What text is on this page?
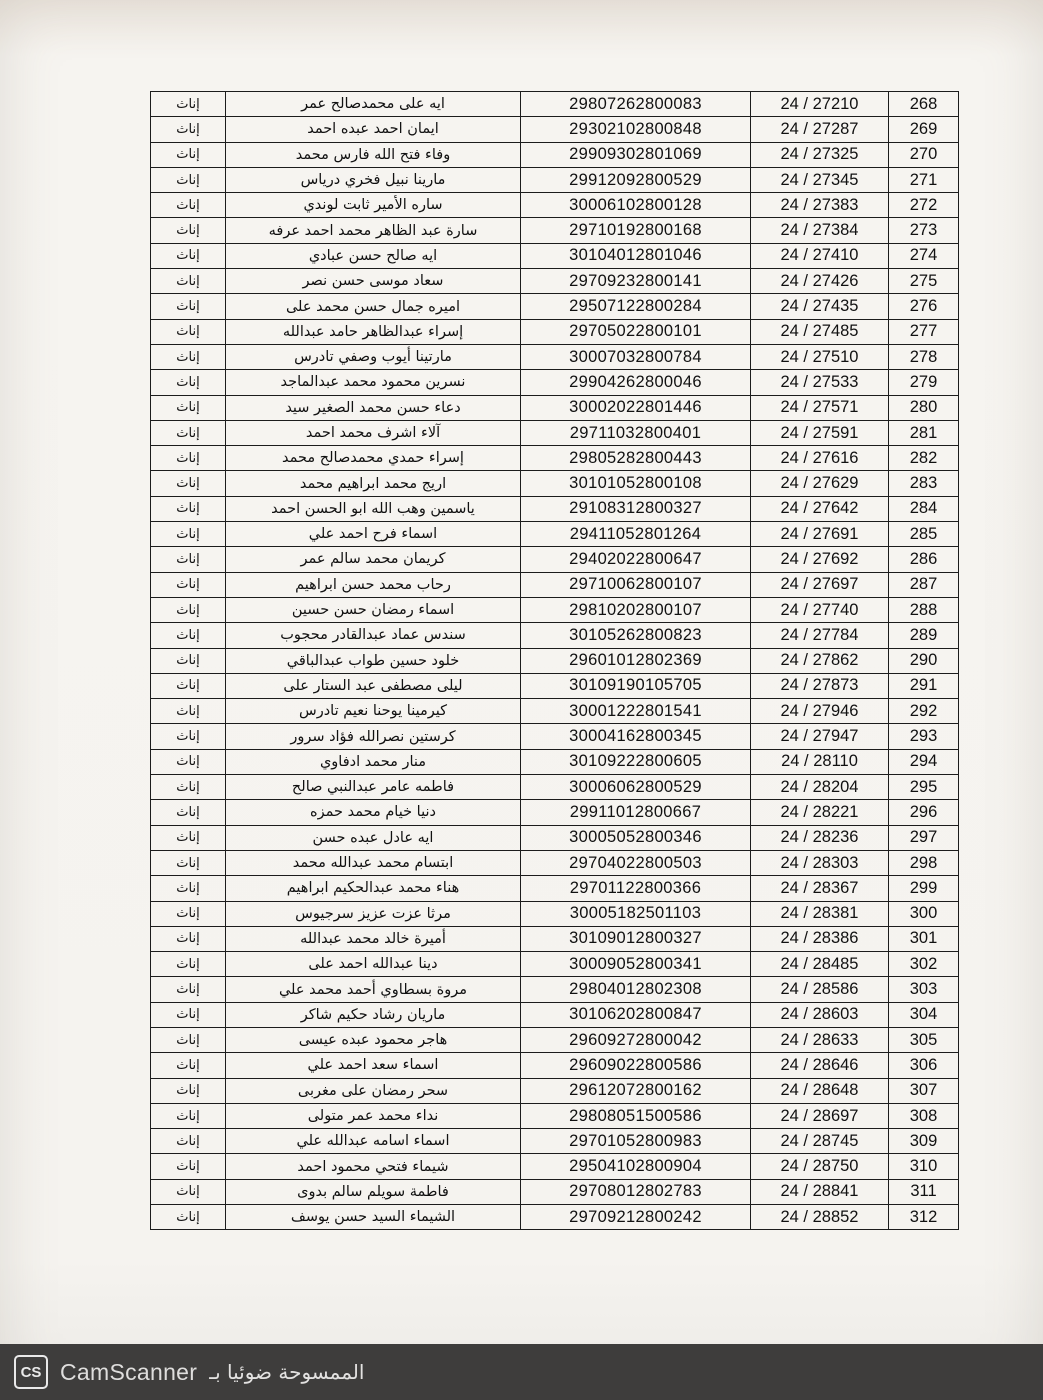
إناث	ايه على محمدصالح عمر	29807262800083	24 / 27210	268
إناث	ايمان احمد عبده احمد	29302102800848	24 / 27287	269
إناث	وفاء فتح الله فارس محمد	29909302801069	24 / 27325	270
إناث	مارينا نبيل فخري درياس	29912092800529	24 / 27345	271
إناث	ساره الأمير ثابت لوندي	30006102800128	24 / 27383	272
إناث	سارة عبد الظاهر محمد احمد عرفه	29710192800168	24 / 27384	273
إناث	ايه صالح حسن عبادي	30104012801046	24 / 27410	274
إناث	سعاد موسى حسن نصر	29709232800141	24 / 27426	275
إناث	اميره جمال حسن محمد على	29507122800284	24 / 27435	276
إناث	إسراء عبدالظاهر حامد عبدالله	29705022800101	24 / 27485	277
إناث	مارتينا أيوب وصفي تادرس	30007032800784	24 / 27510	278
إناث	نسرين محمود محمد عبدالماجد	29904262800046	24 / 27533	279
إناث	دعاء حسن محمد الصغير سيد	30002022801446	24 / 27571	280
إناث	آلاء اشرف محمد احمد	29711032800401	24 / 27591	281
إناث	إسراء حمدي محمدصالح محمد	29805282800443	24 / 27616	282
إناث	اريج محمد ابراهيم محمد	30101052800108	24 / 27629	283
إناث	ياسمين وهب الله ابو الحسن احمد	29108312800327	24 / 27642	284
إناث	اسماء فرح احمد علي	29411052801264	24 / 27691	285
إناث	كريمان محمد سالم عمر	29402022800647	24 / 27692	286
إناث	رحاب محمد حسن ابراهيم	29710062800107	24 / 27697	287
إناث	اسماء رمضان حسن حسين	29810202800107	24 / 27740	288
إناث	سندس عماد عبدالقادر محجوب	30105262800823	24 / 27784	289
إناث	خلود حسين طواب عبدالباقي	29601012802369	24 / 27862	290
إناث	ليلى مصطفى عبد الستار على	30109190105705	24 / 27873	291
إناث	كيرمينا يوحنا نعيم تادرس	30001222801541	24 / 27946	292
إناث	كرستين نصرالله فؤاد سرور	30004162800345	24 / 27947	293
إناث	منار محمد ادفاوي	30109222800605	24 / 28110	294
إناث	فاطمه عامر عبدالنبي صالح	30006062800529	24 / 28204	295
إناث	دنيا خيام محمد حمزه	29911012800667	24 / 28221	296
إناث	ايه عادل عبده حسن	30005052800346	24 / 28236	297
إناث	ابتسام محمد عبدالله محمد	29704022800503	24 / 28303	298
إناث	هناء محمد عبدالحكيم ابراهيم	29701122800366	24 / 28367	299
إناث	مرثا عزت عزيز سرجيوس	30005182501103	24 / 28381	300
إناث	أميرة خالد محمد عبدالله	30109012800327	24 / 28386	301
إناث	دينا عبدالله احمد على	30009052800341	24 / 28485	302
إناث	مروة بسطاوي أحمد محمد علي	29804012802308	24 / 28586	303
إناث	ماريان رشاد حكيم شاكر	30106202800847	24 / 28603	304
إناث	هاجر محمود عبده عيسى	29609272800042	24 / 28633	305
إناث	اسماء سعد احمد علي	29609022800586	24 / 28646	306
إناث	سحر رمضان على مغربى	29612072800162	24 / 28648	307
إناث	نداء محمد عمر متولى	29808051500586	24 / 28697	308
إناث	اسماء اسامه عبدالله علي	29701052800983	24 / 28745	309
إناث	شيماء فتحي محمود احمد	29504102800904	24 / 28750	310
إناث	فاطمة سويلم سالم بدوى	29708012802783	24 / 28841	311
إناث	الشيماء السيد حسن يوسف	29709212800242	24 / 28852	312
CS CamScanner الممسوحة ضوئيا بـ
